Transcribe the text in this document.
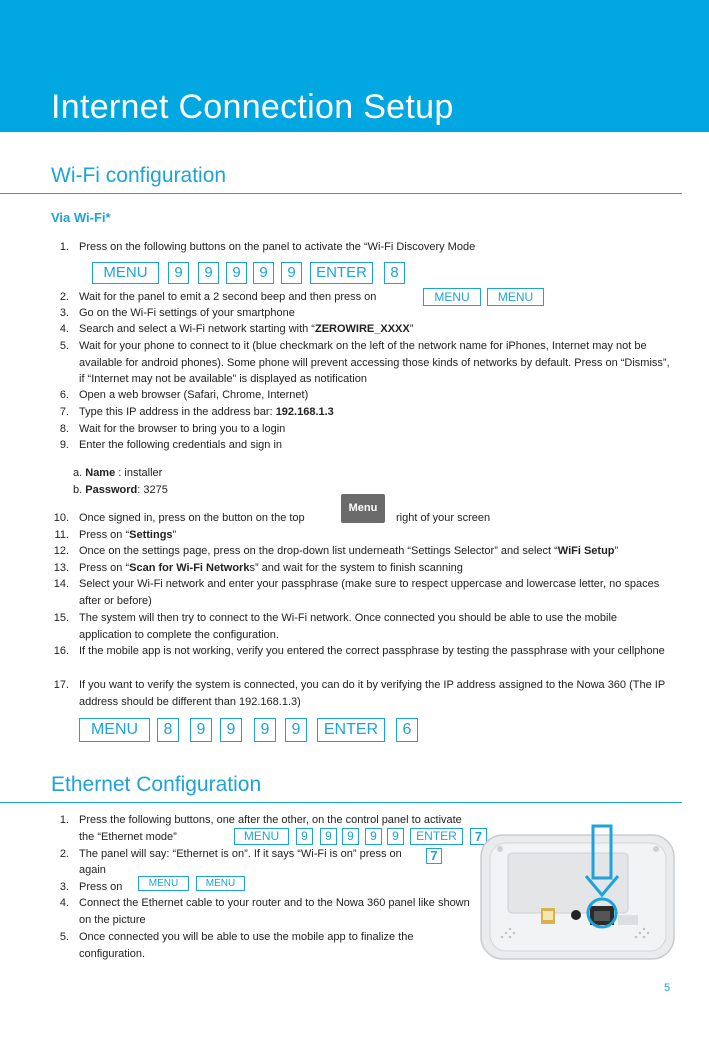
Internet Connection Setup
Wi-Fi configuration
Via Wi-Fi*
1. Press on the following buttons on the panel to activate the “Wi-Fi Discovery Mode
MENU	9	9	9	9	9	ENTER	8
2. Wait for the panel to emit a 2 second beep and then press on	MENU	MENU
3. Go on the Wi-Fi settings of your smartphone
4. Search and select a Wi-Fi network starting with “ZEROWIRE_XXXX”
5. Wait for your phone to connect to it (blue checkmark on the left of the network name for iPhones, Internet may not be available for android phones). Some phone will prevent accessing those kinds of networks by default. Press on “Dismiss”, if “Internet may not be available” is displayed as notification
6. Open a web browser (Safari, Chrome, Internet)
7. Type this IP address in the address bar: 192.168.1.3
8. Wait for the browser to bring you to a login
9. Enter the following credentials and sign in
a. Name : installer
b. Password: 3275
10. Once signed in, press on the button on the top	right of your screen
Menu
11. Press on “Settings”
12. Once on the settings page, press on the drop-down list underneath “Settings Selector” and select “WiFi Setup”
13. Press on “Scan for Wi-Fi Networks” and wait for the system to finish scanning
14. Select your Wi-Fi network and enter your passphrase (make sure to respect uppercase and lowercase letter, no spaces after or before)
15. The system will then try to connect to the Wi-Fi network. Once connected you should be able to use the mobile application to complete the configuration.
16. If the mobile app is not working, verify you entered the correct passphrase by testing the passphrase with your cellphone
17. If you want to verify the system is connected, you can do it by verifying the IP address assigned to the Nowa 360 (The IP address should be different than 192.168.1.3)
MENU	8	9	9	9	9	ENTER	6
Ethernet Configuration
1. Press the following buttons, one after the other, on the control panel to activate the “Ethernet mode”	MENU	9	9	9	9	9	ENTER	7
2. The panel will say: “Ethernet is on”. If it says “Wi-Fi is on” press on
again
7
3. Press on	MENU	MENU
4. Connect the Ethernet cable to your router and to the Nowa 360 panel like shown on the picture
5. Once connected you will be able to use the mobile app to finalize the configuration.
5
